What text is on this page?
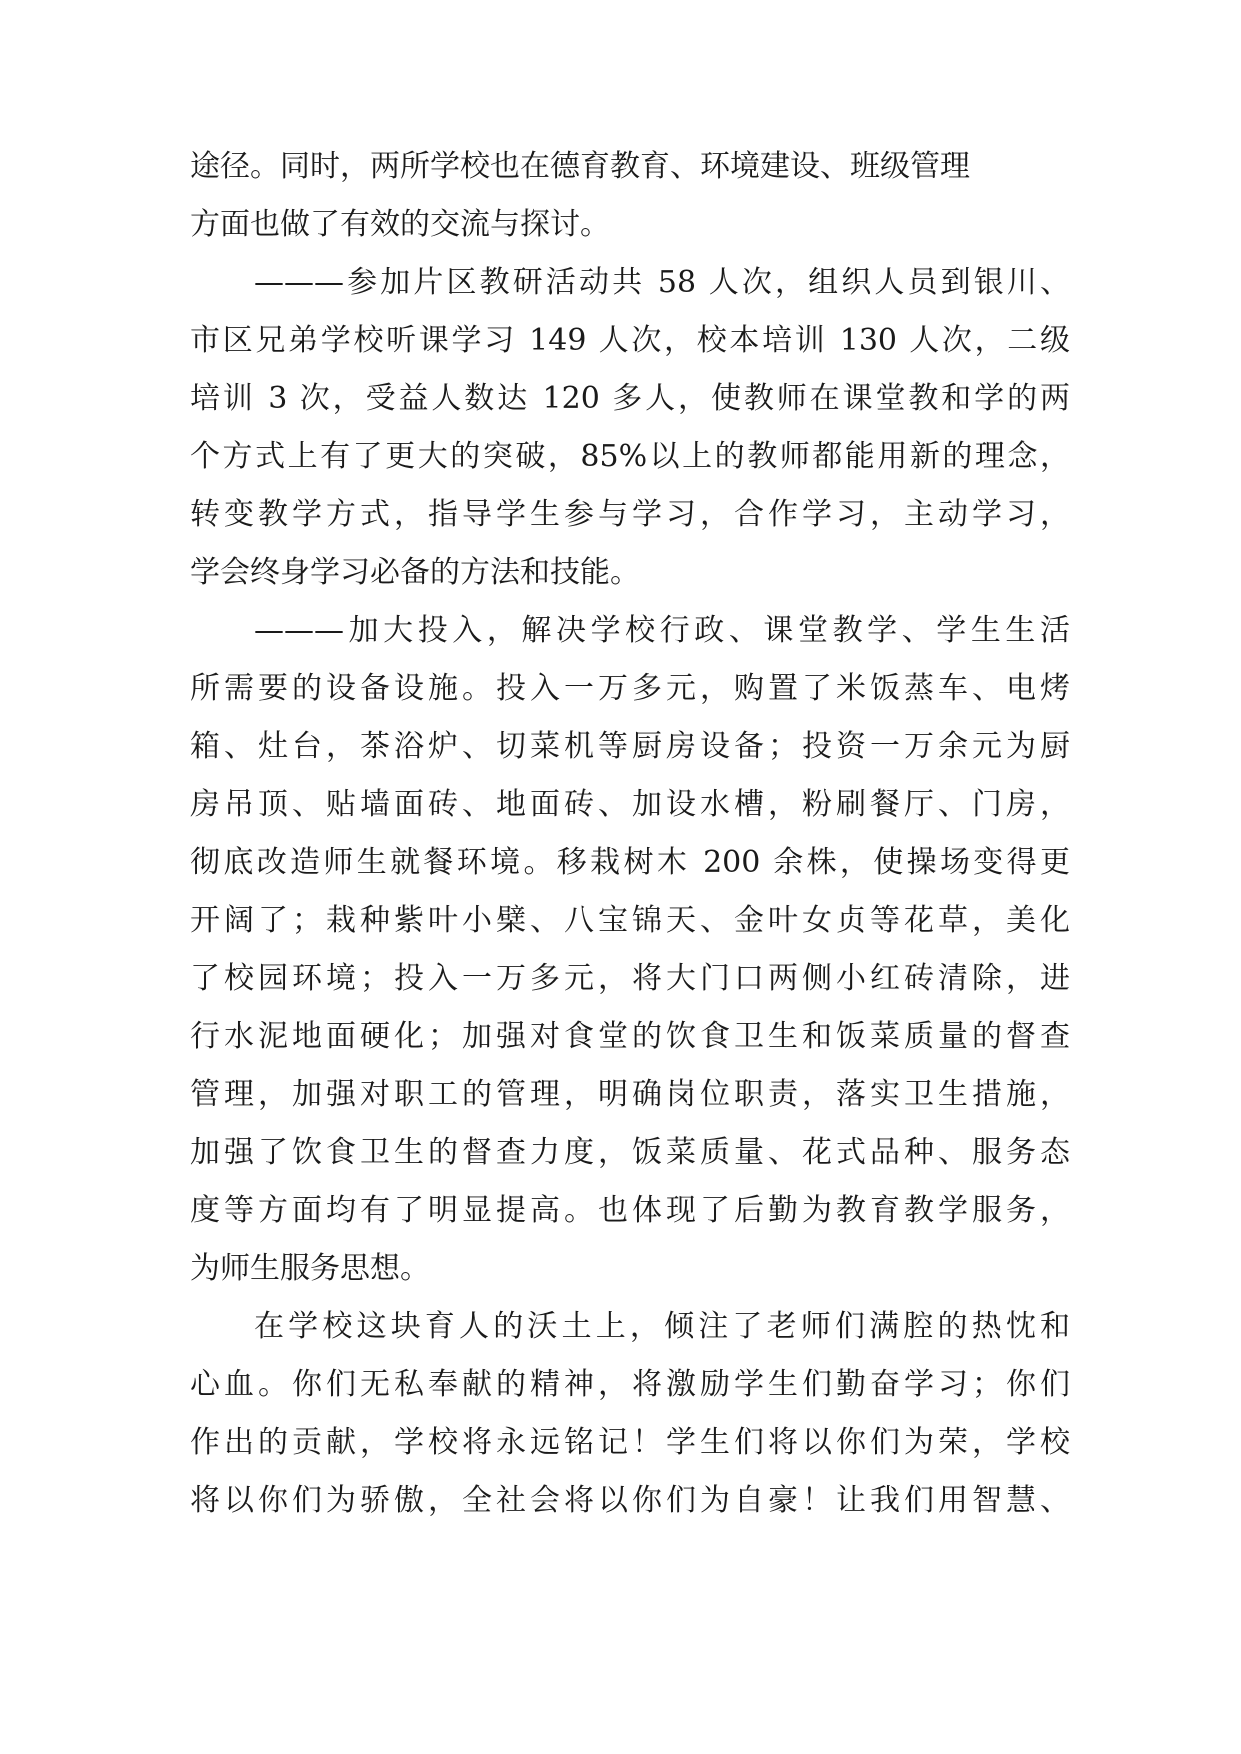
途径。同时，两所学校也在德育教育、环境建设、班级管理
方面也做了有效的交流与探讨。
———参加片区教研活动共 58 人次，组织人员到银川、
市区兄弟学校听课学习 149 人次，校本培训 130 人次，二级
培训 3 次，受益人数达 120 多人，使教师在课堂教和学的两
个方式上有了更大的突破，85%以上的教师都能用新的理念，
转变教学方式，指导学生参与学习，合作学习，主动学习，
学会终身学习必备的方法和技能。
———加大投入，解决学校行政、课堂教学、学生生活
所需要的设备设施。投入一万多元，购置了米饭蒸车、电烤
箱、灶台，茶浴炉、切菜机等厨房设备；投资一万余元为厨
房吊顶、贴墙面砖、地面砖、加设水槽，粉刷餐厅、门房，
彻底改造师生就餐环境。移栽树木 200 余株，使操场变得更
开阔了；栽种紫叶小檗、八宝锦天、金叶女贞等花草，美化
了校园环境；投入一万多元，将大门口两侧小红砖清除，进
行水泥地面硬化；加强对食堂的饮食卫生和饭菜质量的督查
管理，加强对职工的管理，明确岗位职责，落实卫生措施，
加强了饮食卫生的督查力度，饭菜质量、花式品种、服务态
度等方面均有了明显提高。也体现了后勤为教育教学服务，
为师生服务思想。
在学校这块育人的沃土上，倾注了老师们满腔的热忱和
心血。你们无私奉献的精神，将激励学生们勤奋学习；你们
作出的贡献，学校将永远铭记！学生们将以你们为荣，学校
将以你们为骄傲，全社会将以你们为自豪！让我们用智慧、
